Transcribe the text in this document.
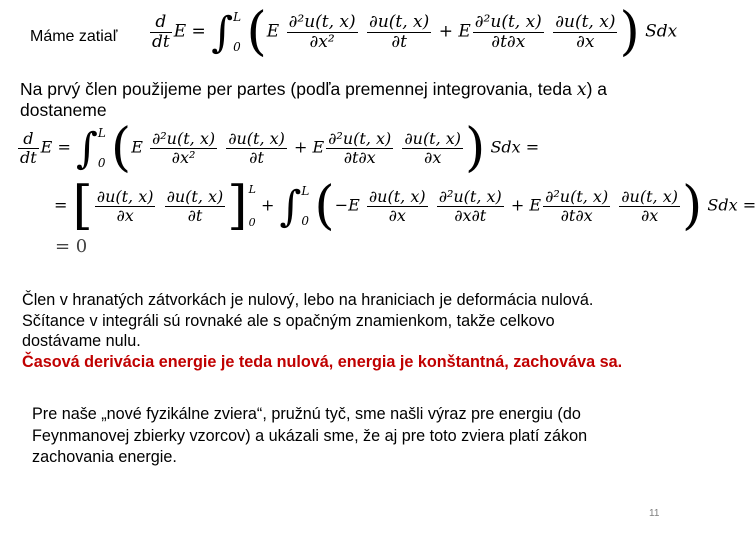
Máme zatiaľ $\frac{d}{dt}$ E = ∫ L
0 ($E \frac{\text{∂²u(t, x)}}{\text{∂x²}}$
$\frac{\partial u(t, x)}{\partial t} + E \frac{\text{∂²u(t, x)}}{\partial t\partial x}$
$\frac{\partial u(t, x)}{\partial x}$ ) Sdx
Na prvý člen použijeme per partes (podľa premennej integrovania, teda x) a
dostaneme
$\frac{d}{dt}$ E = ∫ L
0 ($E \frac{\text{∂²u(t, x)}}{\text{∂x²}}$
$\frac{\partial u(t, x)}{\partial t} + E \frac{\text{∂²u(t, x)}}{\partial t\partial x}$
$\frac{\partial u(t, x)}{\partial x}$ ) Sdx =
= [ $\frac{\partial u(t, x)}{\partial x}$
$\frac{\partial u(t, x)}{\partial t}$ ] L
0
+ ∫ L
0 ($-E \frac{\partial u(t, x)}{\partial x}$
$\frac{\text{∂²u(t, x)}}{\partial x\partial t} + E \frac{\text{∂²u(t, x)}}{\partial t\partial x}$
$\frac{\partial u(t, x)}{\partial x}$ ) Sdx =
= 0
Člen v hranatých zátvorkách je nulový, lebo na hraniciach je deformácia nulová.
Sčítance v integráli sú rovnaké ale s opačným znamienkom, takže celkovo
dostávame nulu.
Časová derivácia energie je teda nulová, energia je konštantná, zachováva sa.
Pre naše „nové fyzikálne zviera“, pružnú tyč, sme našli výraz pre energiu (do
Feynmanovej zbierky vzorcov) a ukázali sme, že aj pre toto zviera platí zákon
zachovania energie.
11
